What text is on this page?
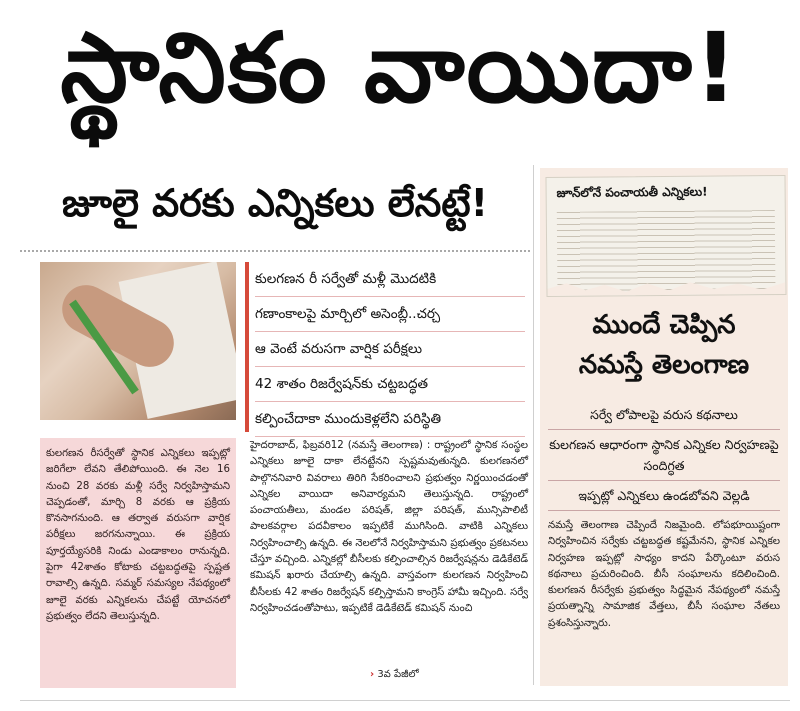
స్థానికం వాయిదా!
జూలై వరకు ఎన్నికలు లేనట్టే!
కులగణన రీ సర్వేతో మళ్లీ మొదటికి
గణాంకాలపై మార్చిలో అసెంబ్లీ..చర్చ
ఆ వెంటే వరుసగా వార్షిక పరీక్షలు
42 శాతం రిజర్వేషన్‌కు చట్టబద్ధత
కల్పించేదాకా ముందుకెళ్లలేని పరిస్థితి

కులగణన రీసర్వేతో స్థానిక ఎన్నికలు ఇప్పట్లో జరిగేలా లేవని తేలిపోయింది. ఈ నెల 16 నుంచి 28 వరకు మళ్లీ సర్వే నిర్వహిస్తామని చెప్పడంతో, మార్చి 8 వరకు ఆ ప్రక్రియ కొనసాగనుంది. ఆ తర్వాత వరుసగా వార్షిక పరీక్షలు జరగనున్నాయి. ఈ ప్రక్రియ పూర్తయ్యేసరికి నిండు ఎండాకాలం రానున్నది. పైగా 42శాతం కోటాకు చట్టబద్ధతపై స్పష్టత రావాల్సి ఉన్నది. సమ్మర్ సమస్యల నేపథ్యంలో జూలై వరకు ఎన్నికలను చేపట్టే యోచనలో ప్రభుత్వం లేదని తెలుస్తున్నది.

హైదరాబాద్, ఫిబ్రవరి12 (నమస్తే తెలంగాణ) : రాష్ట్రంలో స్థానిక సంస్థల ఎన్నికలు జూలై దాకా లేనట్టేనని స్పష్టమవుతున్నది. కులగణనలో పాల్గొననివారి వివరాలు తిరిగి సేకరించాలని ప్రభుత్వం నిర్ణయించడంతో ఎన్నికల వాయిదా అనివార్యమని తెలుస్తున్నది. రాష్ట్రంలో పంచాయతీలు, మండల పరిషత్, జిల్లా పరిషత్, మున్సిపాలిటీ పాలకవర్గాల పదవీకాలం ఇప్పటికే ముగిసింది. వాటికి ఎన్నికలు నిర్వహించాల్సి ఉన్నది. ఈ నెలలోనే నిర్వహిస్తామని ప్రభుత్వం ప్రకటనలు చేస్తూ వచ్చింది. ఎన్నికల్లో బీసీలకు కల్పించాల్సిన రిజర్వేషన్లను డెడికేటెడ్ కమిషన్ ఖరారు చేయాల్సి ఉన్నది. వాస్తవంగా కులగణన నిర్వహించి బీసీలకు 42 శాతం రిజర్వేషన్ కల్పిస్తామని కాంగ్రెస్ హామీ ఇచ్చింది. సర్వే నిర్వహించడంతోపాటు, ఇప్పటికే డెడికేటెడ్ కమిషన్ నుంచి

› 3వ పేజీలో
జూన్‌లోనే పంచాయతీ ఎన్నికలు!
ముందే చెప్పిన
నమస్తే తెలంగాణ
సర్వే లోపాలపై వరుస కథనాలు
కులగణన ఆధారంగా స్థానిక ఎన్నికల నిర్వహణపై సందిగ్ధత
ఇప్పట్లో ఎన్నికలు ఉండబోవని వెల్లడి

నమస్తే తెలంగాణ చెప్పిందే నిజమైంది. లోపభూయిష్టంగా నిర్వహించిన సర్వేకు చట్టబద్ధత కష్టమేనని, స్థానిక ఎన్నికల నిర్వహణ ఇప్పట్లో సాధ్యం కాదని పేర్కొంటూ వరుస కథనాలు ప్రచురించింది. బీసీ సంఘాలను కదిలించింది. కులగణన రీసర్వేకు ప్రభుత్వం సిద్ధమైన నేపథ్యంలో నమస్తే ప్రయత్నాన్ని సామాజిక వేత్తలు, బీసీ సంఘాల నేతలు ప్రశంసిస్తున్నారు.
